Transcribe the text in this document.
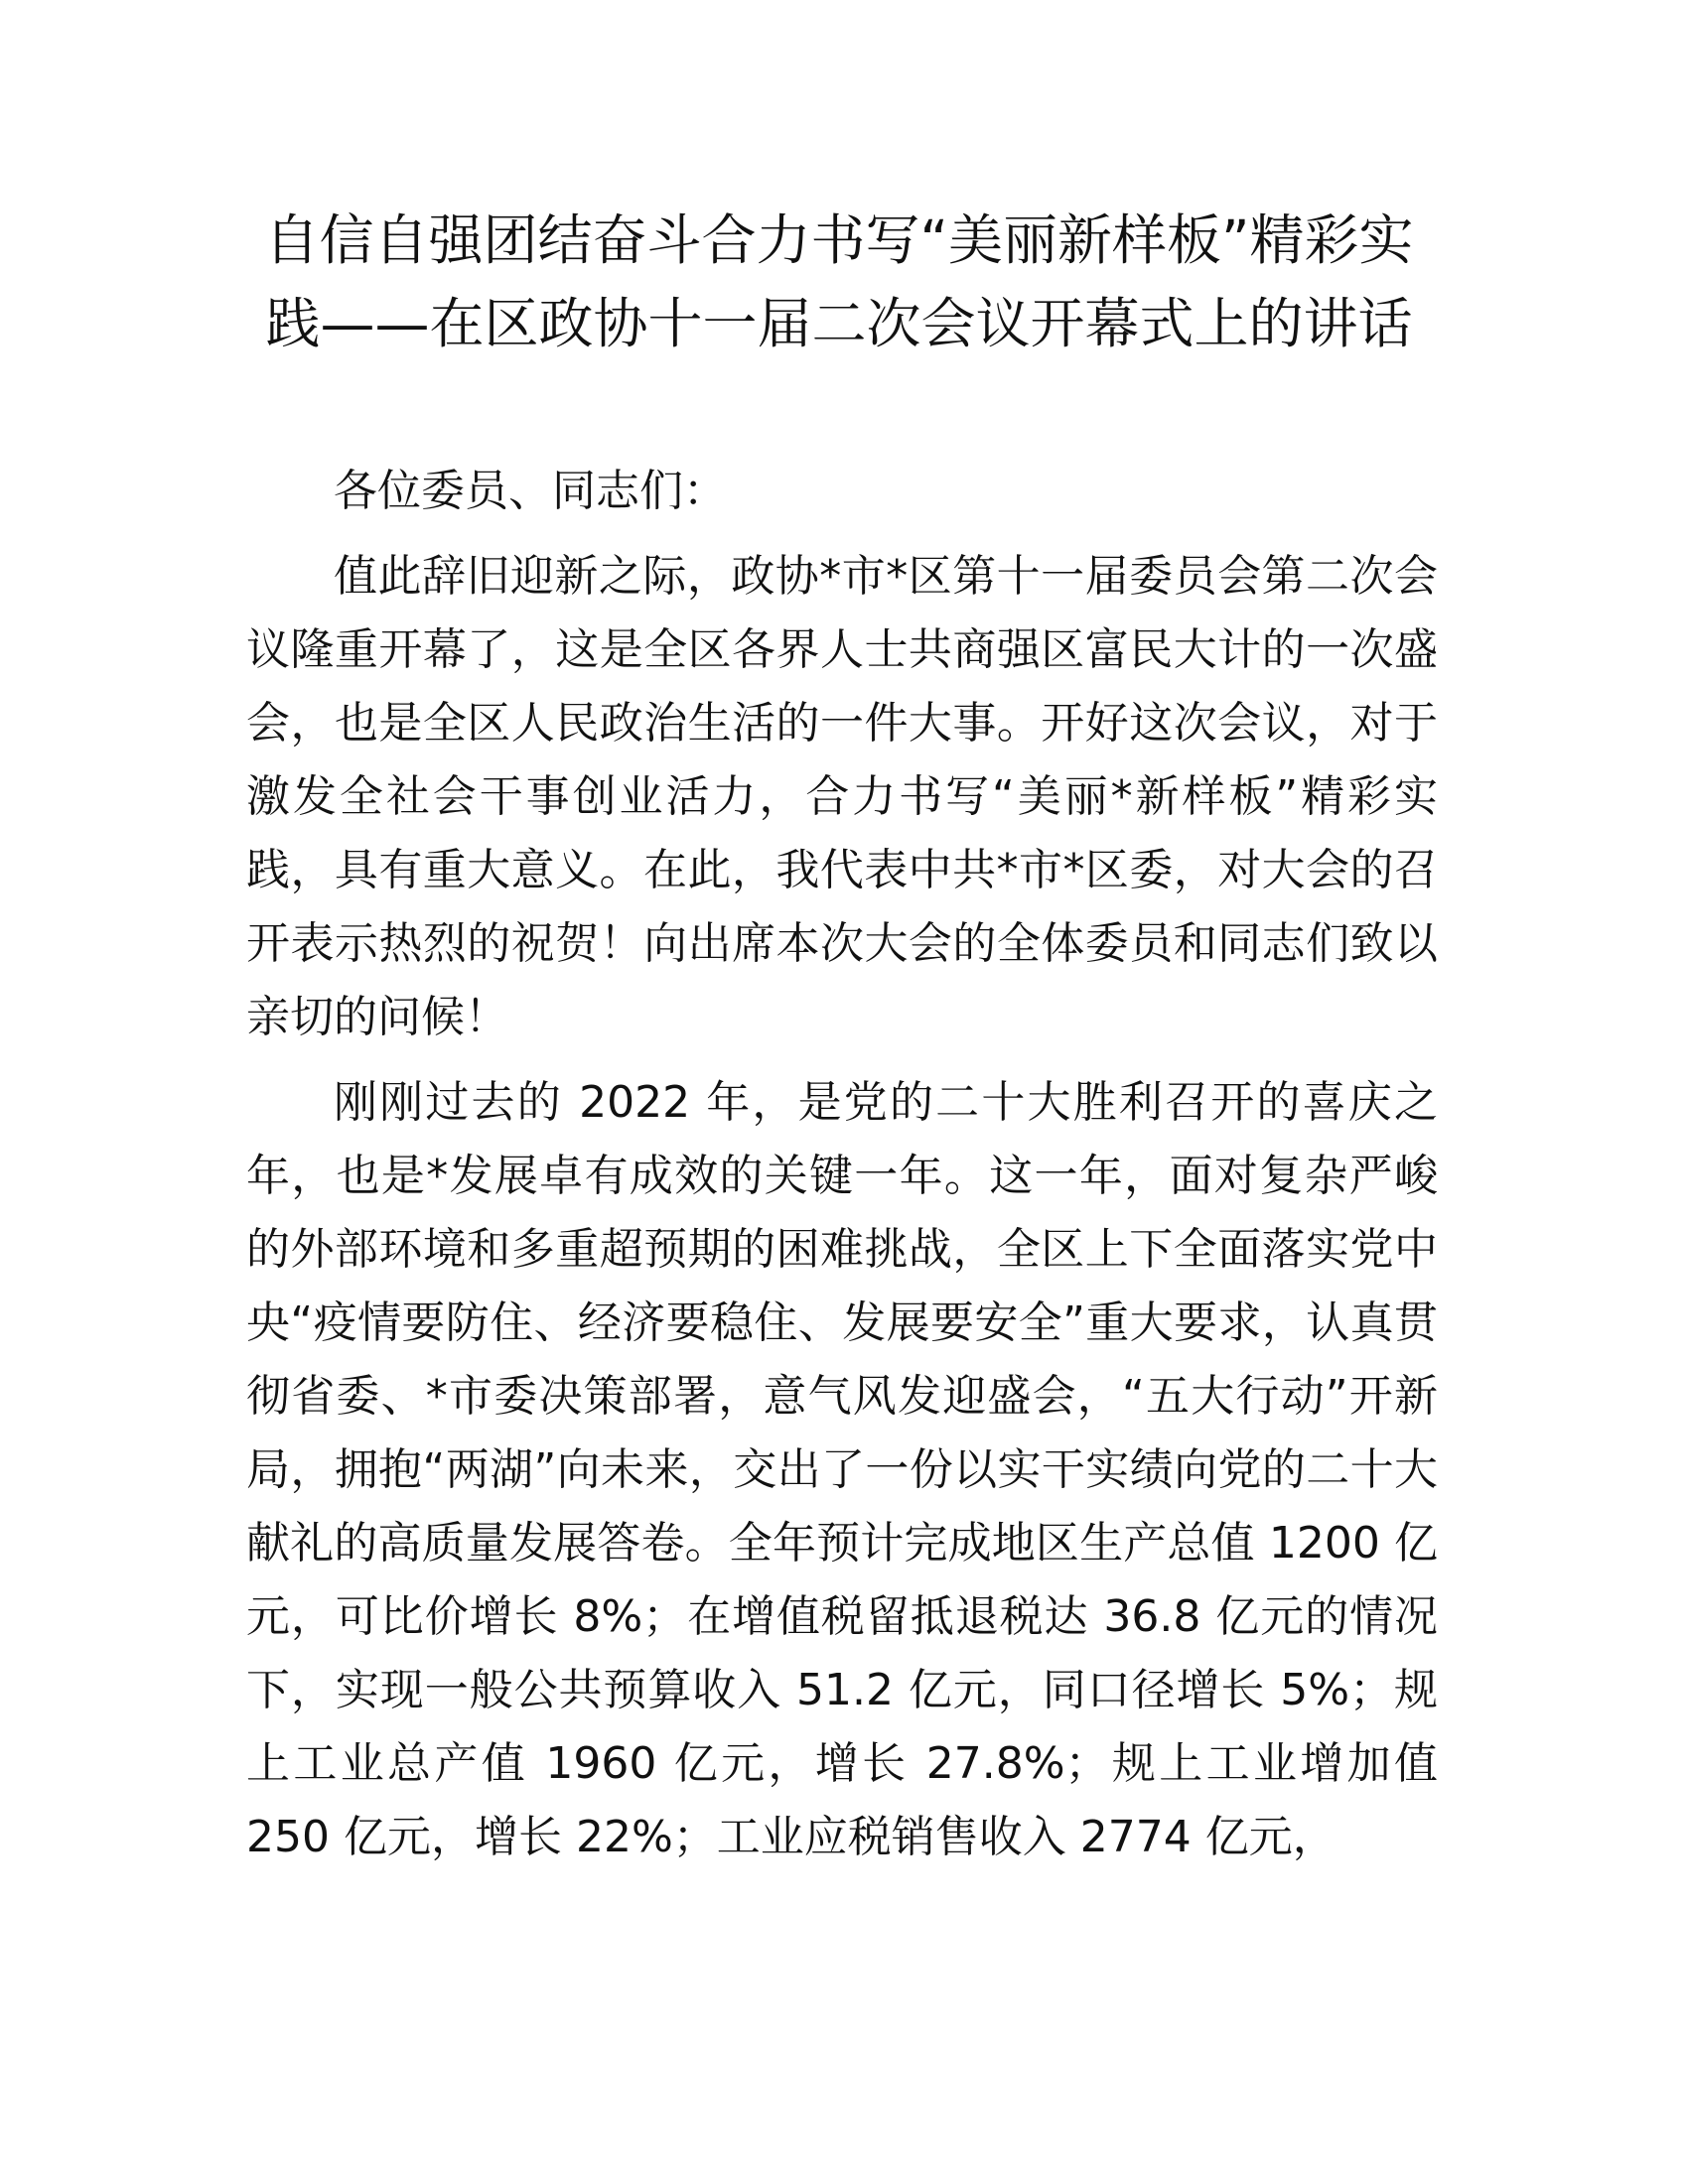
自信自强团结奋斗合力书写“美丽新样板”精彩实践——在区政协十一届二次会议开幕式上的讲话

各位委员、同志们：

值此辞旧迎新之际，政协*市*区第十一届委员会第二次会议隆重开幕了，这是全区各界人士共商强区富民大计的一次盛会，也是全区人民政治生活的一件大事。开好这次会议，对于激发全社会干事创业活力，合力书写“美丽*新样板”精彩实践，具有重大意义。在此，我代表中共*市*区委，对大会的召开表示热烈的祝贺！向出席本次大会的全体委员和同志们致以亲切的问候！

刚刚过去的 2022 年，是党的二十大胜利召开的喜庆之年，也是*发展卓有成效的关键一年。这一年，面对复杂严峻的外部环境和多重超预期的困难挑战，全区上下全面落实党中央“疫情要防住、经济要稳住、发展要安全”重大要求，认真贯彻省委、*市委决策部署，意气风发迎盛会，“五大行动”开新局，拥抱“两湖”向未来，交出了一份以实干实绩向党的二十大献礼的高质量发展答卷。全年预计完成地区生产总值 1200 亿元，可比价增长 8%；在增值税留抵退税达 36.8 亿元的情况下，实现一般公共预算收入 51.2 亿元，同口径增长 5%；规上工业总产值 1960 亿元，增长 27.8%；规上工业增加值 250 亿元，增长 22%；工业应税销售收入 2774 亿元，
